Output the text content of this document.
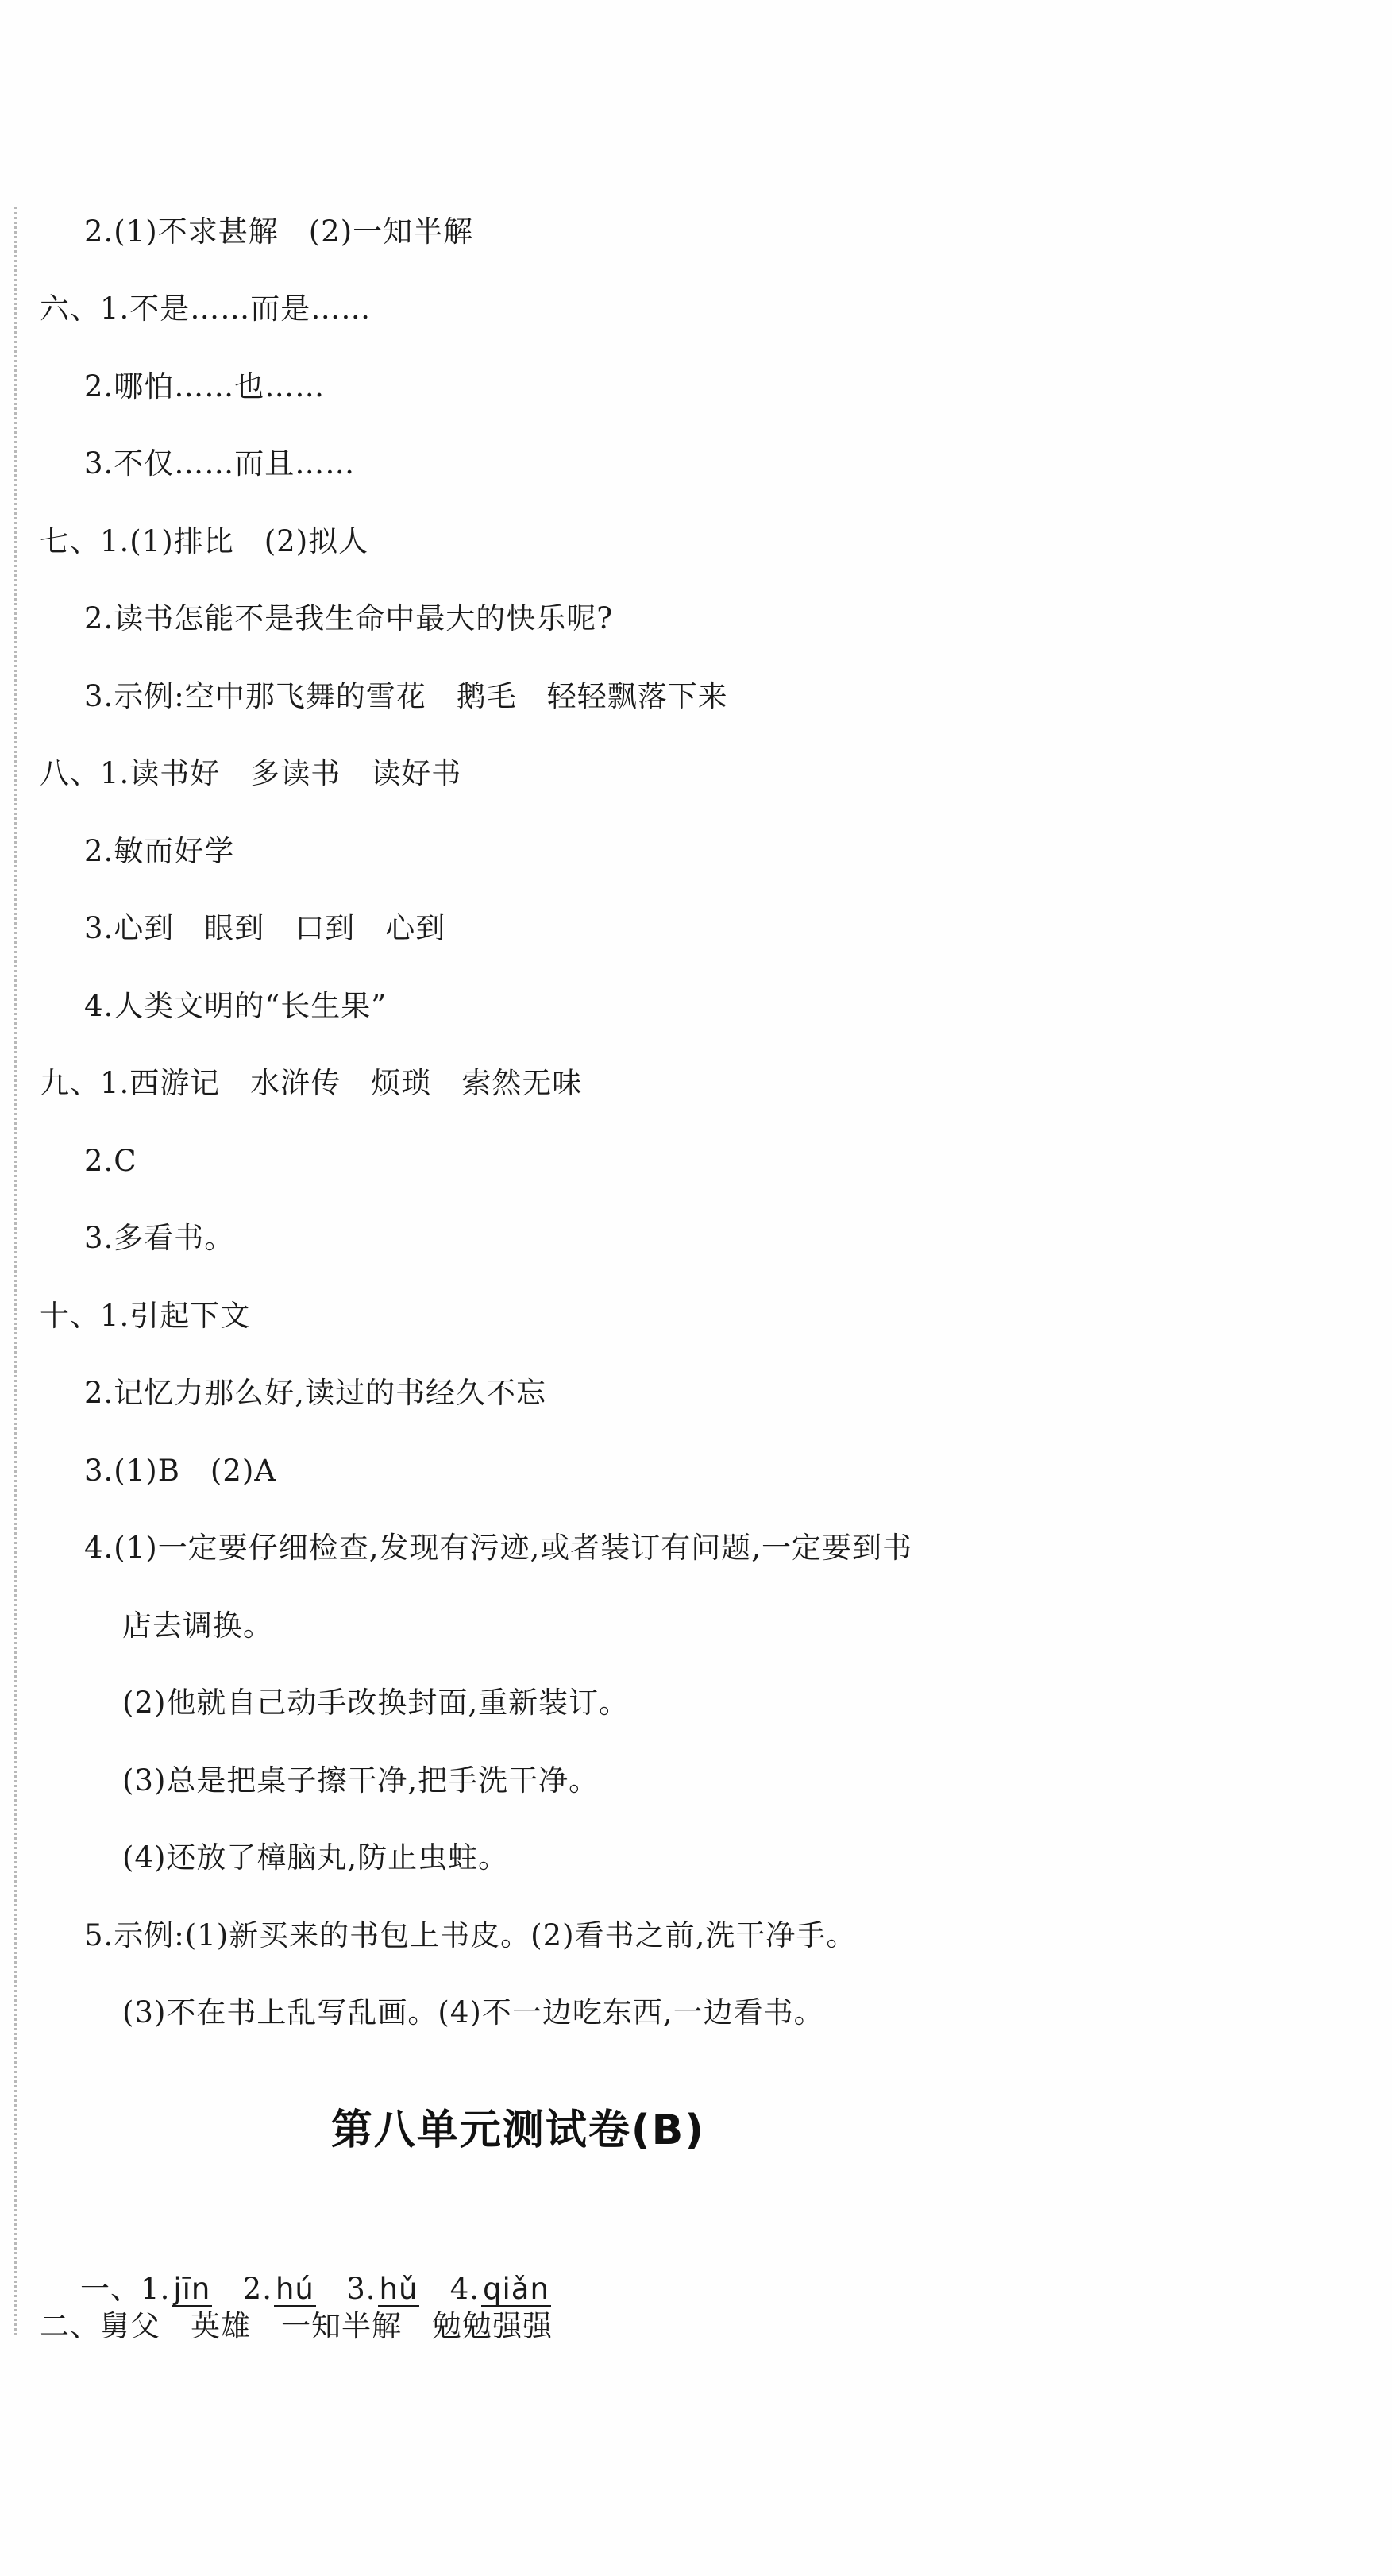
2.(1)不求甚解　(2)一知半解
六、1.不是……而是……
2.哪怕……也……
3.不仅……而且……
七、1.(1)排比　(2)拟人
2.读书怎能不是我生命中最大的快乐呢?
3.示例:空中那飞舞的雪花　鹅毛　轻轻飘落下来
八、1.读书好　多读书　读好书
2.敏而好学
3.心到　眼到　口到　心到
4.人类文明的“长生果”
九、1.西游记　水浒传　烦琐　索然无味
2.C
3.多看书。
十、1.引起下文
2.记忆力那么好,读过的书经久不忘
3.(1)B　(2)A
4.(1)一定要仔细检查,发现有污迹,或者装订有问题,一定要到书
店去调换。
(2)他就自己动手改换封面,重新装订。
(3)总是把桌子擦干净,把手洗干净。
(4)还放了樟脑丸,防止虫蛀。
5.示例:(1)新买来的书包上书皮。(2)看书之前,洗干净手。
(3)不在书上乱写乱画。(4)不一边吃东西,一边看书。
第八单元测试卷(B)

一、1. jīn 2. hú 3. hǔ 4. qiǎn

二、舅父　英雄　一知半解　勉勉强强
